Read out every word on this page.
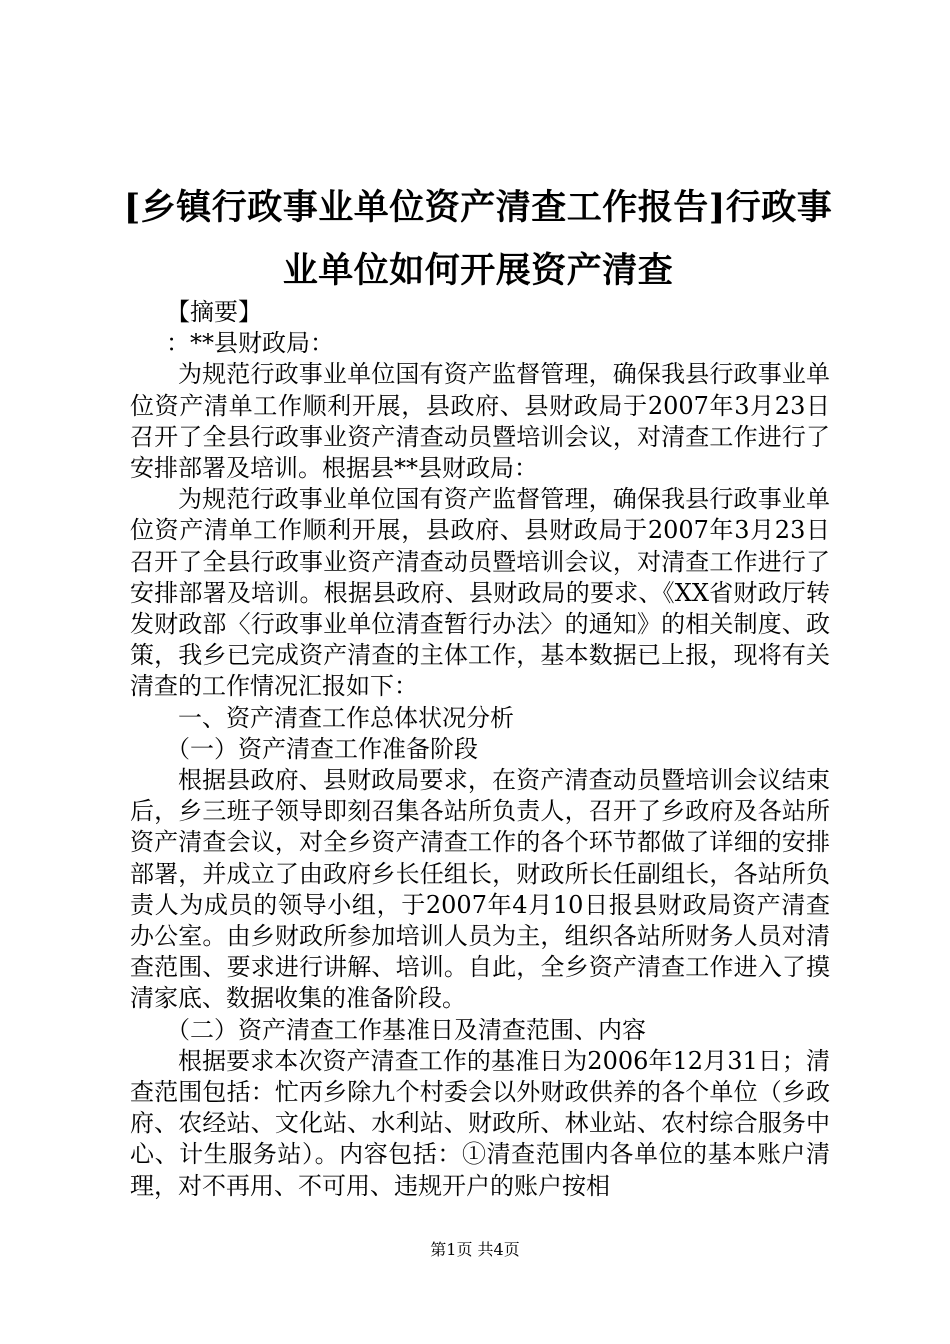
[乡镇行政事业单位资产清查工作报告]行政事业单位如何开展资产清查

【摘要】

：**县财政局：

为规范行政事业单位国有资产监督管理，确保我县行政事业单位资产清单工作顺利开展，县政府、县财政局于2007年3月23日召开了全县行政事业资产清查动员暨培训会议，对清查工作进行了安排部署及培训。根据县**县财政局：

为规范行政事业单位国有资产监督管理，确保我县行政事业单位资产清单工作顺利开展，县政府、县财政局于2007年3月23日召开了全县行政事业资产清查动员暨培训会议，对清查工作进行了安排部署及培训。根据县政府、县财政局的要求、《XX省财政厅转发财政部〈行政事业单位清查暂行办法〉的通知》的相关制度、政策，我乡已完成资产清查的主体工作，基本数据已上报，现将有关清查的工作情况汇报如下：

一、资产清查工作总体状况分析

（一）资产清查工作准备阶段

根据县政府、县财政局要求，在资产清查动员暨培训会议结束后，乡三班子领导即刻召集各站所负责人，召开了乡政府及各站所资产清查会议，对全乡资产清查工作的各个环节都做了详细的安排部署，并成立了由政府乡长任组长，财政所长任副组长，各站所负责人为成员的领导小组，于2007年4月10日报县财政局资产清查办公室。由乡财政所参加培训人员为主，组织各站所财务人员对清查范围、要求进行讲解、培训。自此，全乡资产清查工作进入了摸清家底、数据收集的准备阶段。

（二）资产清查工作基准日及清查范围、内容

根据要求本次资产清查工作的基准日为2006年12月31日；清查范围包括：忙丙乡除九个村委会以外财政供养的各个单位（乡政府、农经站、文化站、水利站、财政所、林业站、农村综合服务中心、计生服务站）。内容包括：①清查范围内各单位的基本账户清理，对不再用、不可用、违规开户的账户按相

第1页 共4页
